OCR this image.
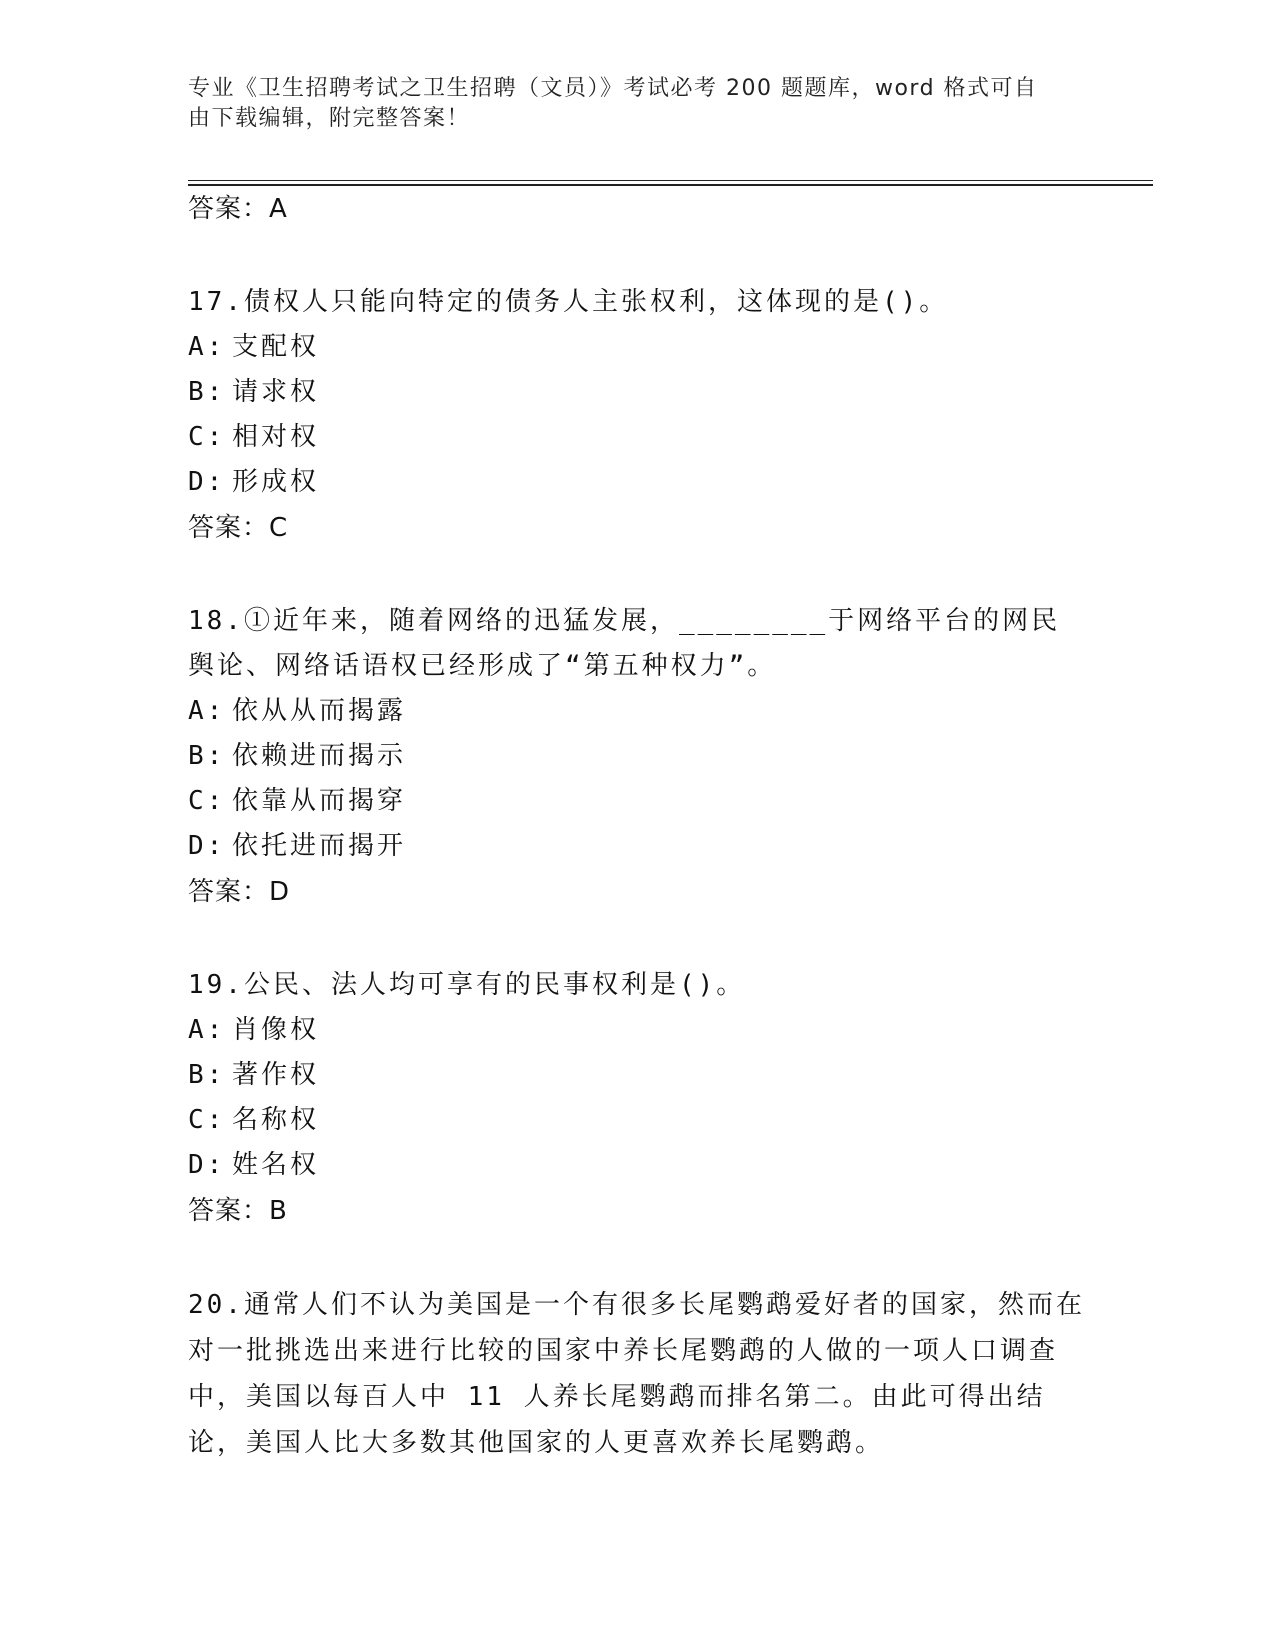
专业《卫生招聘考试之卫生招聘（文员）》考试必考 200 题题库，word 格式可自
由下载编辑，附完整答案！

答案：A

17.债权人只能向特定的债务人主张权利，这体现的是()。

A: 支配权

B: 请求权

C: 相对权

D: 形成权

答案：C

18.①近年来，随着网络的迅猛发展，________于网络平台的网民舆论、网络话语权已经形成了“第五种权力”。

A: 依从从而揭露

B: 依赖进而揭示

C: 依靠从而揭穿

D: 依托进而揭开

答案：D

19.公民、法人均可享有的民事权利是()。

A: 肖像权

B: 著作权

C: 名称权

D: 姓名权

答案：B

20.通常人们不认为美国是一个有很多长尾鹦鹉爱好者的国家，然而在对一批挑选出来进行比较的国家中养长尾鹦鹉的人做的一项人口调查中，美国以每百人中 11 人养长尾鹦鹉而排名第二。由此可得出结论，美国人比大多数其他国家的人更喜欢养长尾鹦鹉。
